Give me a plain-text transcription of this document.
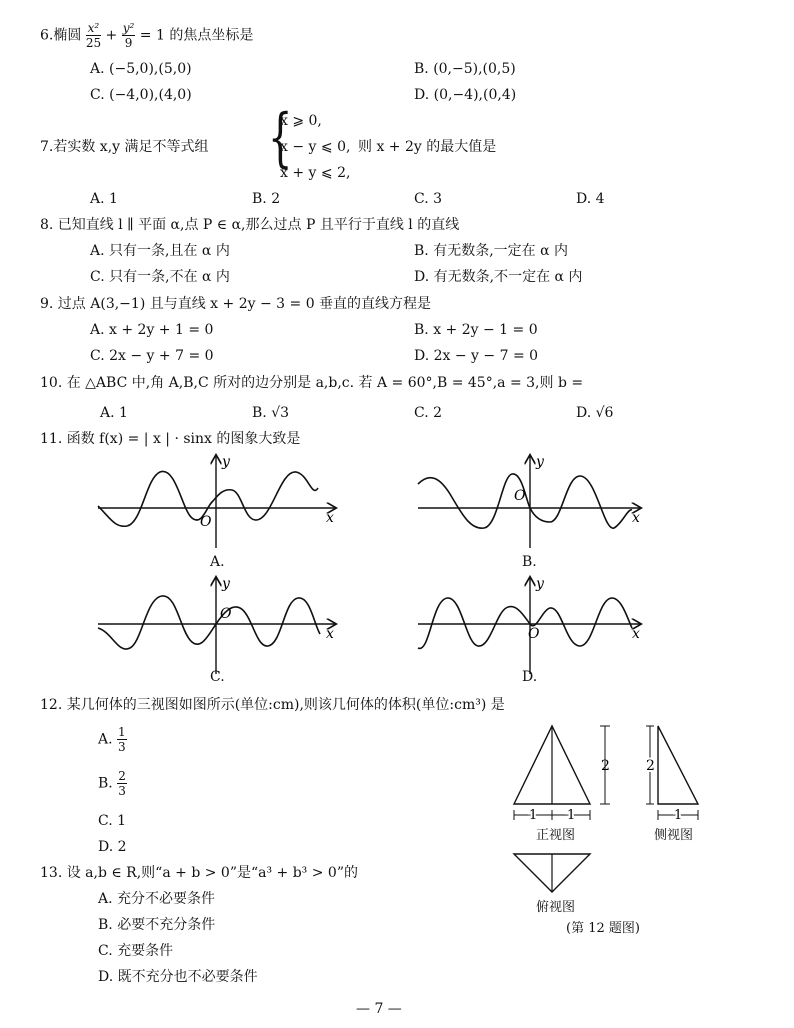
6.椭圆 $\frac{\text{x²}}{25} + \frac{\text{y²}}{9} = 1$ 的焦点坐标是
A. (−5,0),(5,0)	B. (0,−5),(0,5)
C. (−4,0),(4,0)	D. (0,−4),(0,4)
7.若实数 x,y 满足不等式组 {
x ⩾ 0,
x − y ⩽ 0,
x + y ⩽ 2,
则 x + 2y 的最大值是
A. 1	B. 2	C. 3	D. 4
8. 已知直线 l ∥ 平面 α,点 P ∈ α,那么过点 P 且平行于直线 l 的直线
A. 只有一条,且在 α 内	B. 有无数条,一定在 α 内
C. 只有一条,不在 α 内	D. 有无数条,不一定在 α 内
9. 过点 A(3,−1) 且与直线 x + 2y − 3 = 0 垂直的直线方程是
A. x + 2y + 1 = 0	B. x + 2y − 1 = 0
C. 2x − y + 7 = 0	D. 2x − y − 7 = 0
10. 在 △ABC 中,角 A,B,C 所对的边分别是 a,b,c. 若 A = 60°,B = 45°,a = 3,则 b =
A. 1	B. √3	C. 2	D. √6
11. 函数 f(x) = | x | · sinx 的图象大致是
O	x
y
O
x
y
O
x
y
O	x
y
A.	B.
C.	D.
12. 某几何体的三视图如图所示(单位:cm),则该几何体的体积(单位:cm³) 是
A. $\frac{1}{3}$
B. $\frac{2}{3}$
C. 1
D. 2
2
1 1
2
1
正视图	侧视图
俯视图
(第 12 题图)
13. 设 a,b ∈ R,则“a + b > 0”是“a³ + b³ > 0”的
A. 充分不必要条件
B. 必要不充分条件
C. 充要条件
D. 既不充分也不必要条件
— 7 —
